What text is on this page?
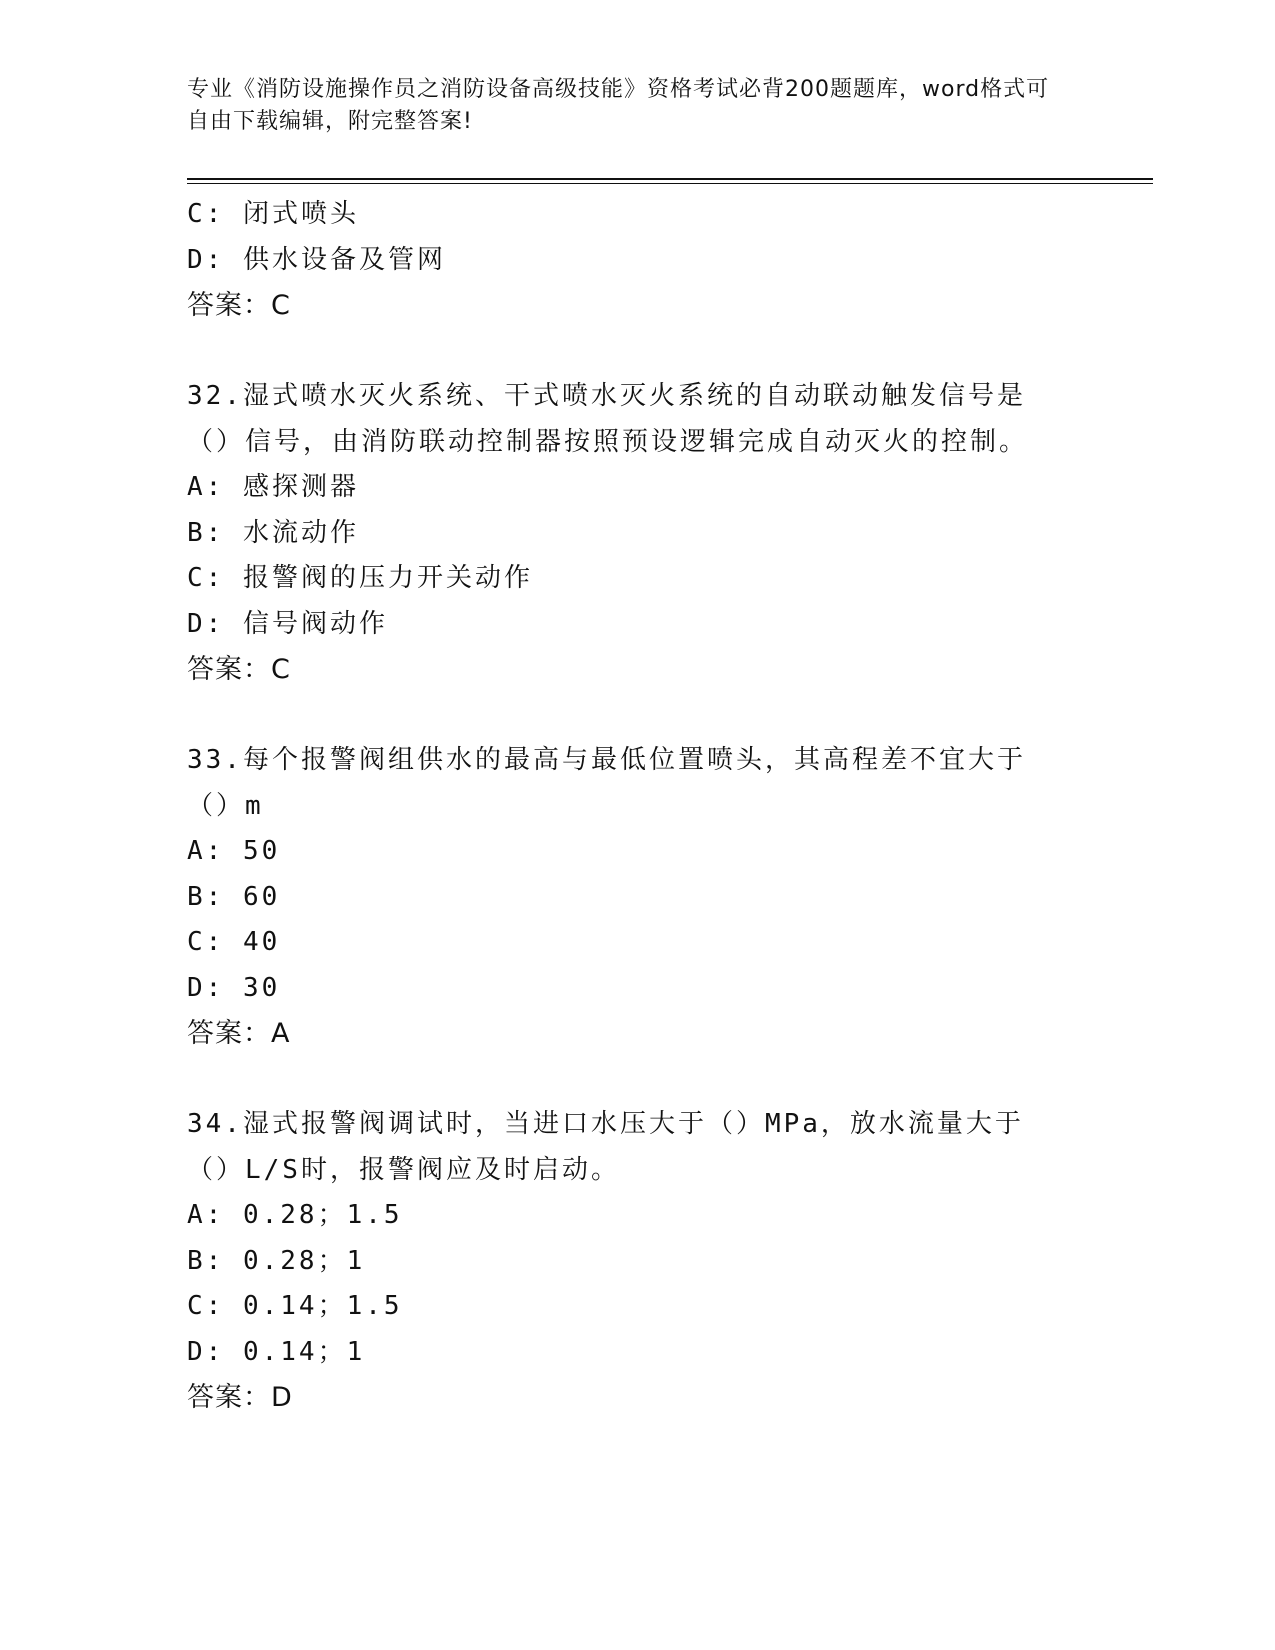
专业《消防设施操作员之消防设备高级技能》资格考试必背200题题库，word格式可自由下载编辑，附完整答案!
C: 闭式喷头
D: 供水设备及管网
答案：C
32.湿式喷水灭火系统、干式喷水灭火系统的自动联动触发信号是（）信号，由消防联动控制器按照预设逻辑完成自动灭火的控制。
A: 感探测器
B: 水流动作
C: 报警阀的压力开关动作
D: 信号阀动作
答案：C
33.每个报警阀组供水的最高与最低位置喷头，其高程差不宜大于（）m
A: 50
B: 60
C: 40
D: 30
答案：A
34.湿式报警阀调试时，当进口水压大于（）MPa，放水流量大于（）L/S时，报警阀应及时启动。
A: 0.28；1.5
B: 0.28；1
C: 0.14；1.5
D: 0.14；1
答案：D
